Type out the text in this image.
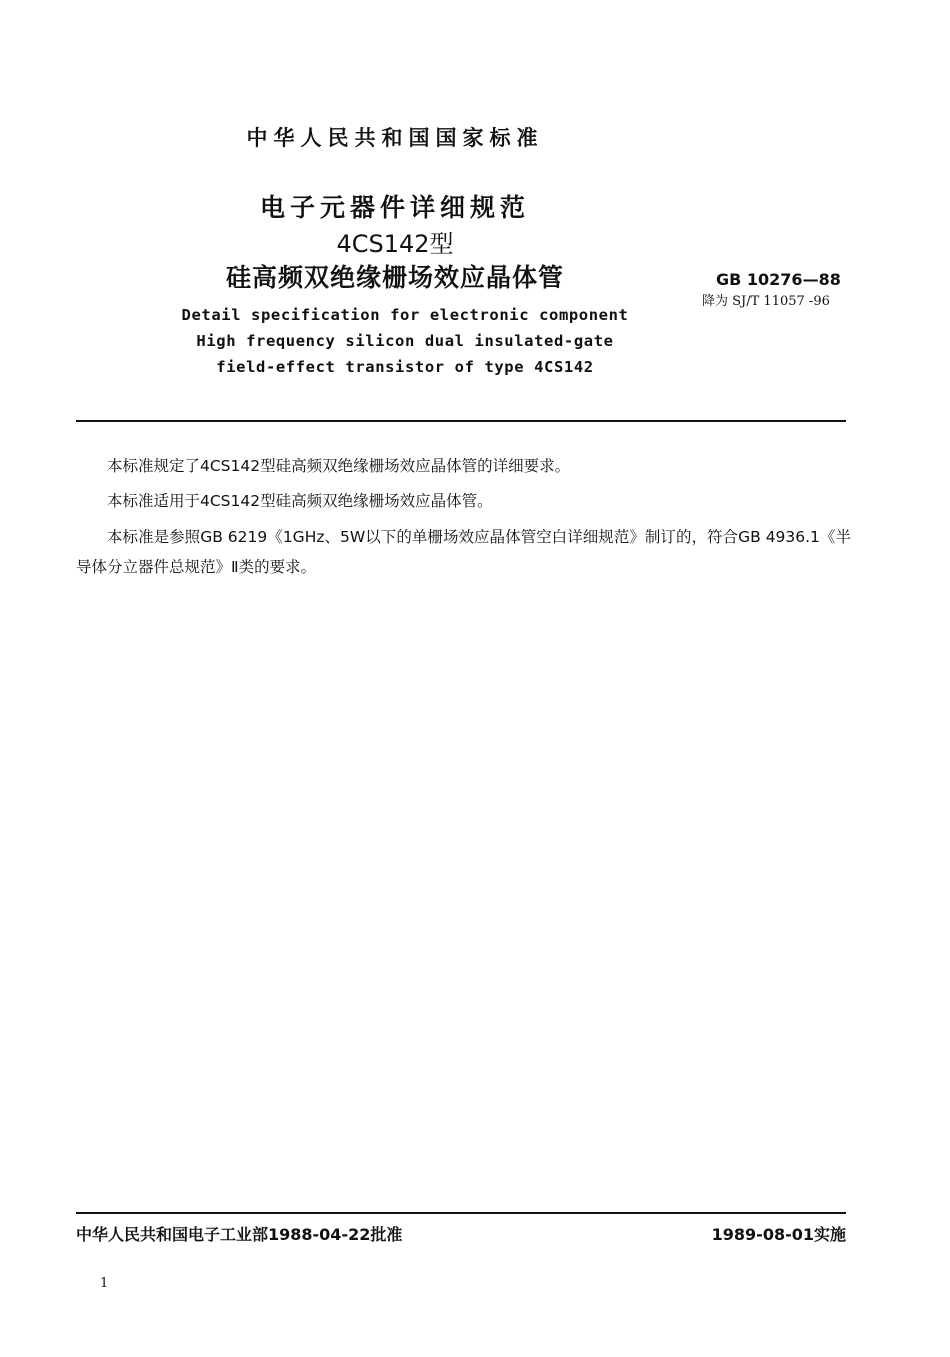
中华人民共和国国家标准
电子元器件详细规范
4CS142型
硅高频双绝缘栅场效应晶体管	GB 10276—88
降为 SJ/T 11057 -96
Detail specification for electronic component
High frequency silicon dual insulated-gate
field-effect transistor of type 4CS142
本标准规定了4CS142型硅高频双绝缘栅场效应晶体管的详细要求。
本标准适用于4CS142型硅高频双绝缘栅场效应晶体管。
本标准是参照GB 6219《1GHz、5W以下的单栅场效应晶体管空白详细规范》制订的，符合GB 4936.1《半导体分立器件总规范》Ⅱ类的要求。
中华人民共和国电子工业部1988-04-22批准	1989-08-01实施
1
